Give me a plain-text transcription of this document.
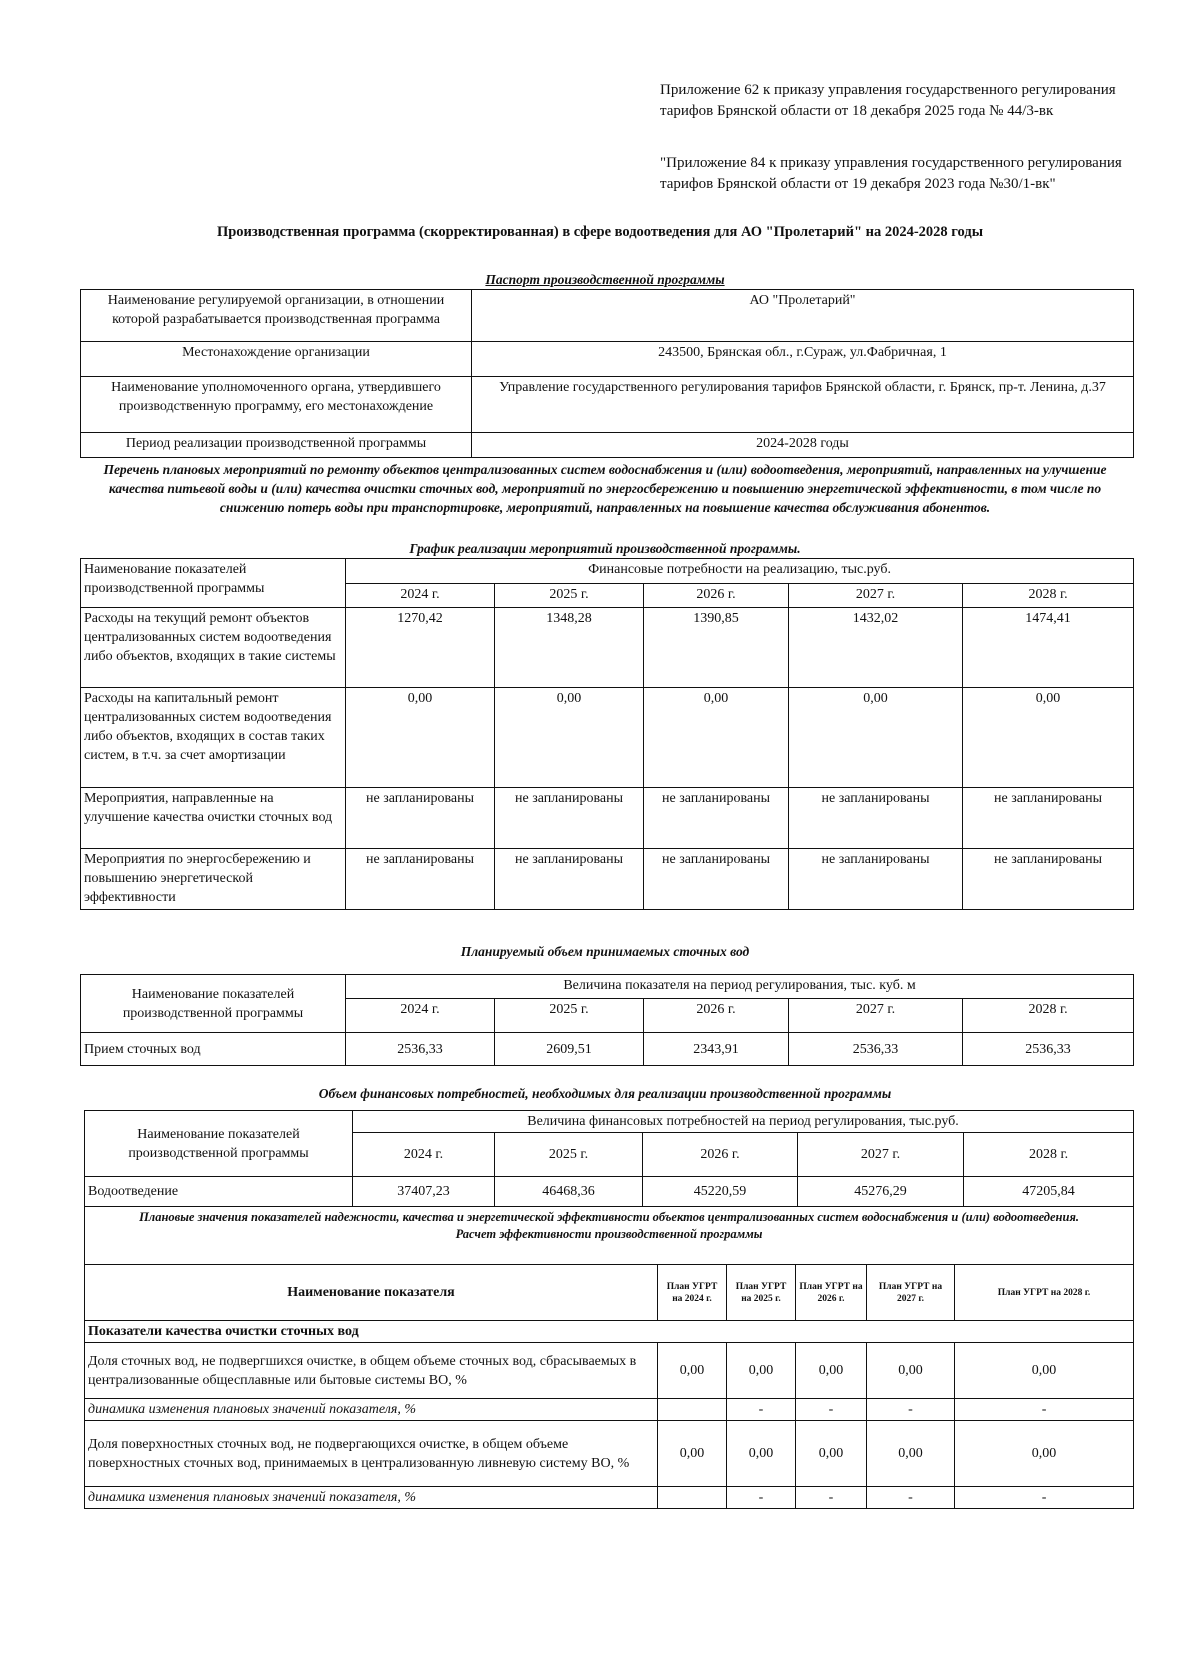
Приложение 62 к приказу управления государственного регулирования тарифов Брянской области от 18 декабря 2025 года № 44/3-вк
"Приложение 84 к приказу управления государственного регулирования тарифов Брянской области от 19 декабря 2023 года №30/1-вк"
Производственная программа (скорректированная) в сфере водоотведения для АО "Пролетарий" на 2024-2028 годы
Паспорт производственной программы
Наименование регулируемой организации, в отношении которой разрабатывается производственная программа	АО "Пролетарий"
Местонахождение организации	243500, Брянская обл., г.Сураж, ул.Фабричная, 1
Наименование уполномоченного органа, утвердившего производственную программу, его местонахождение	Управление государственного регулирования тарифов Брянской области, г. Брянск, пр-т. Ленина, д.37
Период реализации производственной программы	2024-2028 годы
Перечень плановых мероприятий по ремонту объектов централизованных систем водоснабжения и (или) водоотведения, мероприятий, направленных на улучшение качества питьевой воды и (или) качества очистки сточных вод, мероприятий по энергосбережению и повышению энергетической эффективности, в том числе по снижению потерь воды при транспортировке, мероприятий, направленных на повышение качества обслуживания абонентов.
График реализации мероприятий производственной программы.
Наименование показателей производственной программы	Финансовые потребности на реализацию, тыс.руб.				
	2024 г.	2025 г.	2026 г.	2027 г.	2028 г.
Расходы на текущий ремонт объектов централизованных систем водоотведения либо объектов, входящих в такие системы	1270,42	1348,28	1390,85	1432,02	1474,41
Расходы на капитальный ремонт централизованных систем водоотведения либо объектов, входящих в состав таких систем, в т.ч. за счет амортизации	0,00	0,00	0,00	0,00	0,00
Мероприятия, направленные на улучшение качества очистки сточных вод	не запланированы	не запланированы	не запланированы	не запланированы	не запланированы
Мероприятия по энергосбережению и повышению энергетической эффективности	не запланированы	не запланированы	не запланированы	не запланированы	не запланированы
Планируемый объем принимаемых сточных вод
Наименование показателей производственной программы	Величина показателя на период регулирования, тыс. куб. м				
	2024 г.	2025 г.	2026 г.	2027 г.	2028 г.
Прием сточных вод	2536,33	2609,51	2343,91	2536,33	2536,33
Объем финансовых потребностей, необходимых для реализации производственной программы
Наименование показателей производственной программы	Величина финансовых потребностей на период регулирования, тыс.руб.				
	2024 г.	2025 г.	2026 г.	2027 г.	2028 г.
Водоотведение	37407,23	46468,36	45220,59	45276,29	47205,84
Плановые значения показателей надежности, качества и энергетической эффективности объектов централизованных систем водоснабжения и (или) водоотведения.
Расчет эффективности производственной программы					

Наименование показателя	План УГРТ на 2024 г.	План УГРТ на 2025 г.	План УГРТ на 2026 г.	План УГРТ на 2027 г.	План УГРТ на 2028 г.
Показатели качества очистки сточных вод					
Доля сточных вод, не подвергшихся очистке, в общем объеме сточных вод, сбрасываемых в централизованные общесплавные или бытовые системы ВО, %	0,00	0,00	0,00	0,00	0,00
динамика изменения плановых значений показателя, %		-	-	-	-
Доля поверхностных сточных вод, не подвергающихся очистке, в общем объеме поверхностных сточных вод, принимаемых в централизованную ливневую систему ВО, %	0,00	0,00	0,00	0,00	0,00
динамика изменения плановых значений показателя, %		-	-	-	-
